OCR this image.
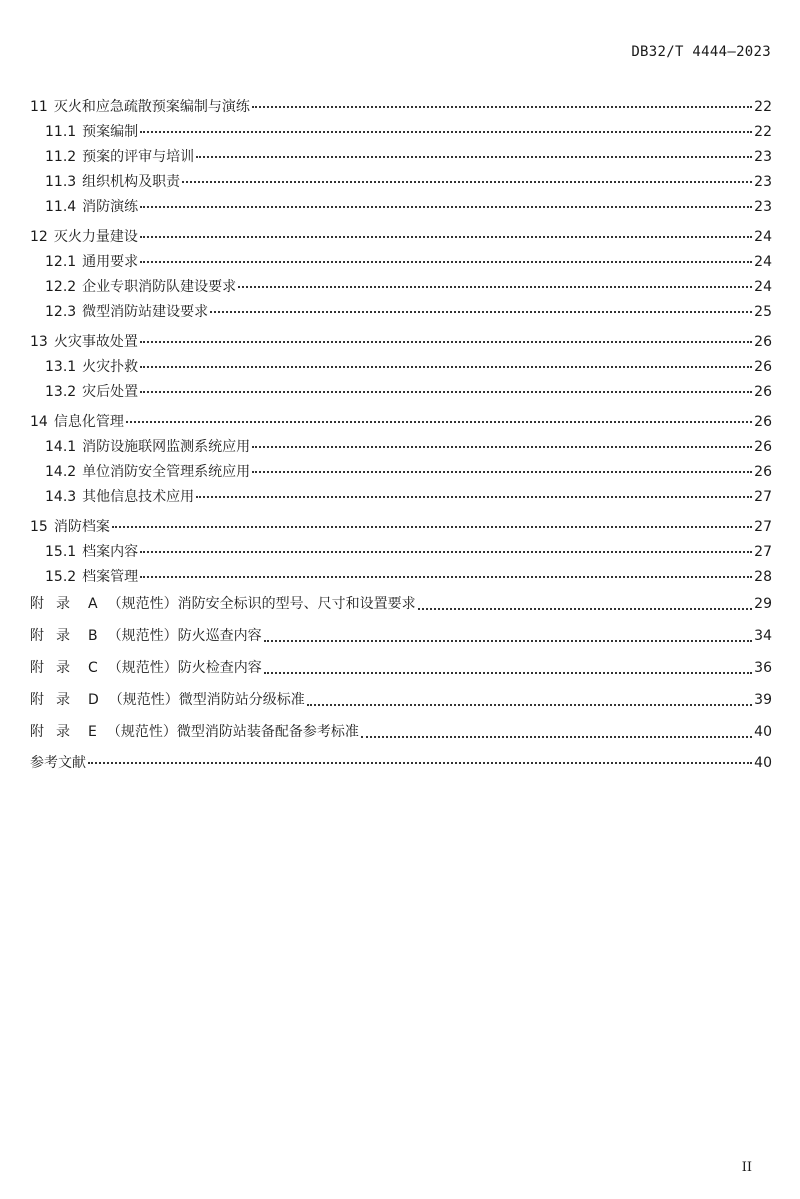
DB32/T 4444—2023
11 灭火和应急疏散预案编制与演练	22
11.1 预案编制	22
11.2 预案的评审与培训	23
11.3 组织机构及职责	23
11.4 消防演练	23
12 灭火力量建设	24
12.1 通用要求	24
12.2 企业专职消防队建设要求	24
12.3 微型消防站建设要求	25
13 火灾事故处置	26
13.1 火灾扑救	26
13.2 灾后处置	26
14 信息化管理	26
14.1 消防设施联网监测系统应用	26
14.2 单位消防安全管理系统应用	26
14.3 其他信息技术应用	27
15 消防档案	27
15.1 档案内容	27
15.2 档案管理	28
附录 A （规范性） 消防安全标识的型号、尺寸和设置要求	29
附录 B （规范性） 防火巡查内容	34
附录 C （规范性） 防火检查内容	36
附录 D （规范性） 微型消防站分级标准	39
附录 E （规范性） 微型消防站装备配备参考标准	40
参考文献	40
II
